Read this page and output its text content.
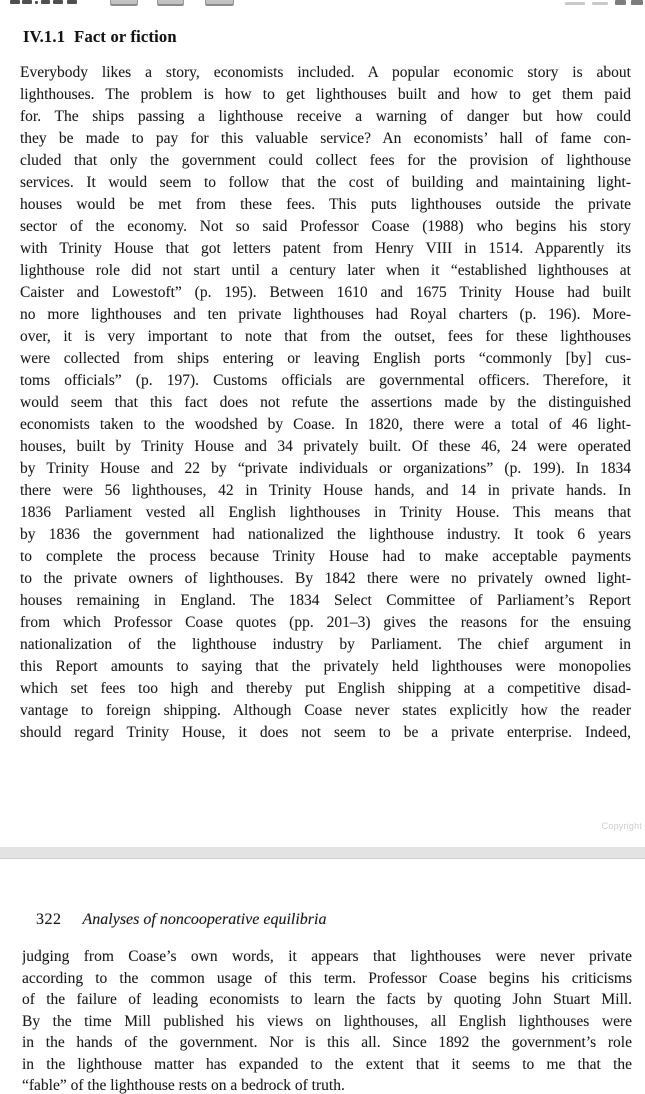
IV.1.1 Fact or fiction
Everybody likes a story, economists included. A popular economic story is about
lighthouses. The problem is how to get lighthouses built and how to get them paid
for. The ships passing a lighthouse receive a warning of danger but how could
they be made to pay for this valuable service? An economists’ hall of fame con-
cluded that only the government could collect fees for the provision of lighthouse
services. It would seem to follow that the cost of building and maintaining light-
houses would be met from these fees. This puts lighthouses outside the private
sector of the economy. Not so said Professor Coase (1988) who begins his story
with Trinity House that got letters patent from Henry VIII in 1514. Apparently its
lighthouse role did not start until a century later when it “established lighthouses at
Caister and Lowestoft” (p. 195). Between 1610 and 1675 Trinity House had built
no more lighthouses and ten private lighthouses had Royal charters (p. 196). More-
over, it is very important to note that from the outset, fees for these lighthouses
were collected from ships entering or leaving English ports “commonly [by] cus-
toms officials” (p. 197). Customs officials are governmental officers. Therefore, it
would seem that this fact does not refute the assertions made by the distinguished
economists taken to the woodshed by Coase. In 1820, there were a total of 46 light-
houses, built by Trinity House and 34 privately built. Of these 46, 24 were operated
by Trinity House and 22 by “private individuals or organizations” (p. 199). In 1834
there were 56 lighthouses, 42 in Trinity House hands, and 14 in private hands. In
1836 Parliament vested all English lighthouses in Trinity House. This means that
by 1836 the government had nationalized the lighthouse industry. It took 6 years
to complete the process because Trinity House had to make acceptable payments
to the private owners of lighthouses. By 1842 there were no privately owned light-
houses remaining in England. The 1834 Select Committee of Parliament’s Report
from which Professor Coase quotes (pp. 201–3) gives the reasons for the ensuing
nationalization of the lighthouse industry by Parliament. The chief argument in
this Report amounts to saying that the privately held lighthouses were monopolies
which set fees too high and thereby put English shipping at a competitive disad-
vantage to foreign shipping. Although Coase never states explicitly how the reader
should regard Trinity House, it does not seem to be a private enterprise. Indeed,
Copyright
322 Analyses of noncooperative equilibria
judging from Coase’s own words, it appears that lighthouses were never private
according to the common usage of this term. Professor Coase begins his criticisms
of the failure of leading economists to learn the facts by quoting John Stuart Mill.
By the time Mill published his views on lighthouses, all English lighthouses were
in the hands of the government. Nor is this all. Since 1892 the government’s role
in the lighthouse matter has expanded to the extent that it seems to me that the
“fable” of the lighthouse rests on a bedrock of truth.
